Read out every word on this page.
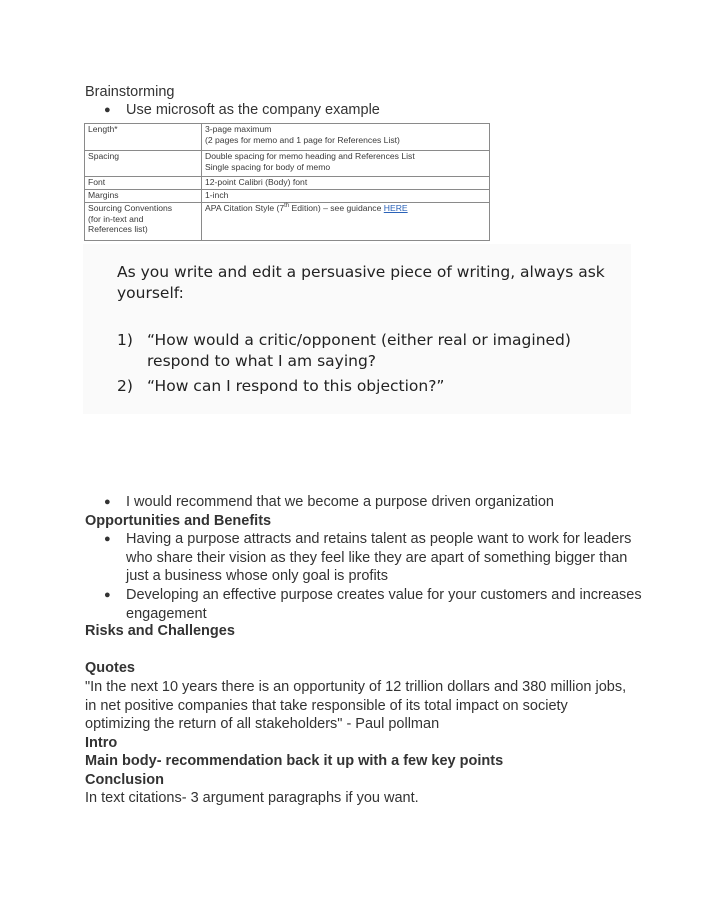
Brainstorming
● Use microsoft as the company example
Length*	3-page maximum
(2 pages for memo and 1 page for References List)
Spacing	Double spacing for memo heading and References List
Single spacing for body of memo
Font	12-point Calibri (Body) font
Margins	1-inch
Sourcing Conventions
(for in-text and
References list)	APA Citation Style (7th Edition) – see guidance HERE
As you write and edit a persuasive piece of writing, always ask yourself:
1) “How would a critic/opponent (either real or imagined) respond to what I am saying?
2) “How can I respond to this objection?”
● I would recommend that we become a purpose driven organization
Opportunities and Benefits
● Having a purpose attracts and retains talent as people want to work for leaders who share their vision as they feel like they are apart of something bigger than just a business whose only goal is profits
● Developing an effective purpose creates value for your customers and increases engagement
Risks and Challenges
Quotes
"In the next 10 years there is an opportunity of 12 trillion dollars and 380 million jobs, in net positive companies that take responsible of its total impact on society optimizing the return of all stakeholders" - Paul pollman
Intro
Main body- recommendation back it up with a few key points
Conclusion
In text citations- 3 argument paragraphs if you want.
